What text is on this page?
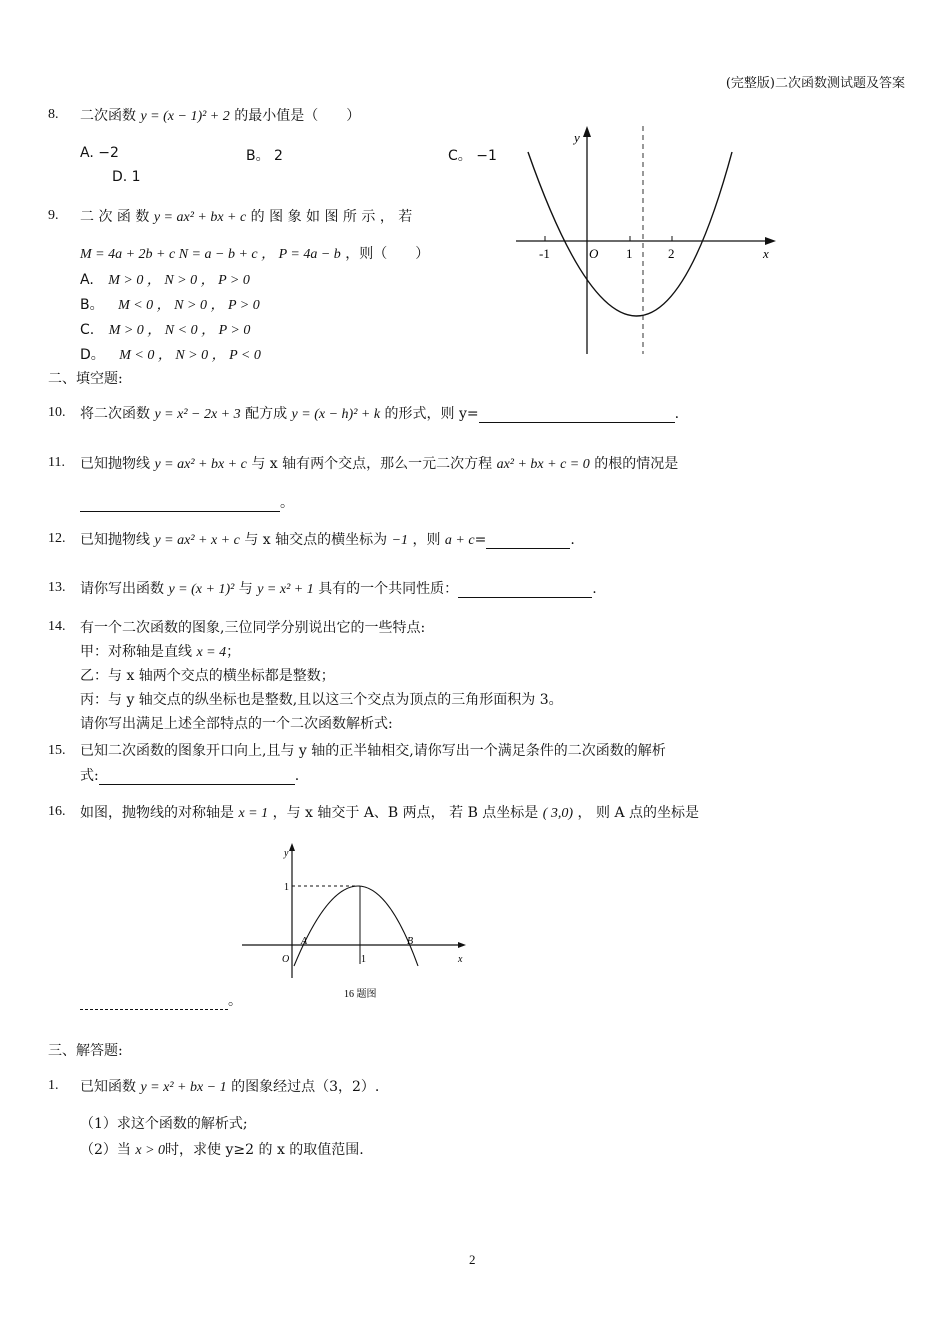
(完整版)二次函数测试题及答案
8. 二次函数 y = (x − 1)² + 2 的最小值是（　　）
A. −2	B。 2	C。 −1
D. 1
9. 二 次 函 数 y = ax² + bx + c 的 图 象 如 图 所 示 ， 若
M = 4a + 2b + c N = a − b + c ， P = 4a − b ，则（　　）
A. M > 0 ， N > 0 ， P > 0
B。 M < 0 ， N > 0 ， P > 0
C. M > 0 ， N < 0 ， P > 0
D。 M < 0 ， N > 0 ， P < 0
y
x
O
-1	1	2
二、填空题:
10. 将二次函数 y = x² − 2x + 3 配方成 y = (x − h)² + k 的形式，则 y=	.
11. 已知抛物线 y = ax² + bx + c 与 x 轴有两个交点，那么一元二次方程 ax² + bx + c = 0 的根的情况是
。
12. 已知抛物线 y = ax² + x + c 与 x 轴交点的横坐标为 −1 ，则 a + c=	.
13. 请你写出函数 y = (x + 1)² 与 y = x² + 1 具有的一个共同性质：	.
14. 有一个二次函数的图象,三位同学分别说出它的一些特点:
甲：对称轴是直线 x = 4；
乙：与 x 轴两个交点的横坐标都是整数；
丙：与 y 轴交点的纵坐标也是整数,且以这三个交点为顶点的三角形面积为 3。
请你写出满足上述全部特点的一个二次函数解析式:
15. 已知二次函数的图象开口向上,且与 y 轴的正半轴相交,请你写出一个满足条件的二次函数的解析
式:	.
16. 如图，抛物线的对称轴是 x = 1 ，与 x 轴交于 A、B 两点， 若 B 点坐标是 ( 3,0) ， 则 A 点的坐标是
y
1
O
A	B
1	x
16 题图
。
三、解答题:
1. 已知函数 y = x² + bx − 1 的图象经过点（3，2）.
（1）求这个函数的解析式;
（2）当 x > 0时，求使 y≥2 的 x 的取值范围.
2
